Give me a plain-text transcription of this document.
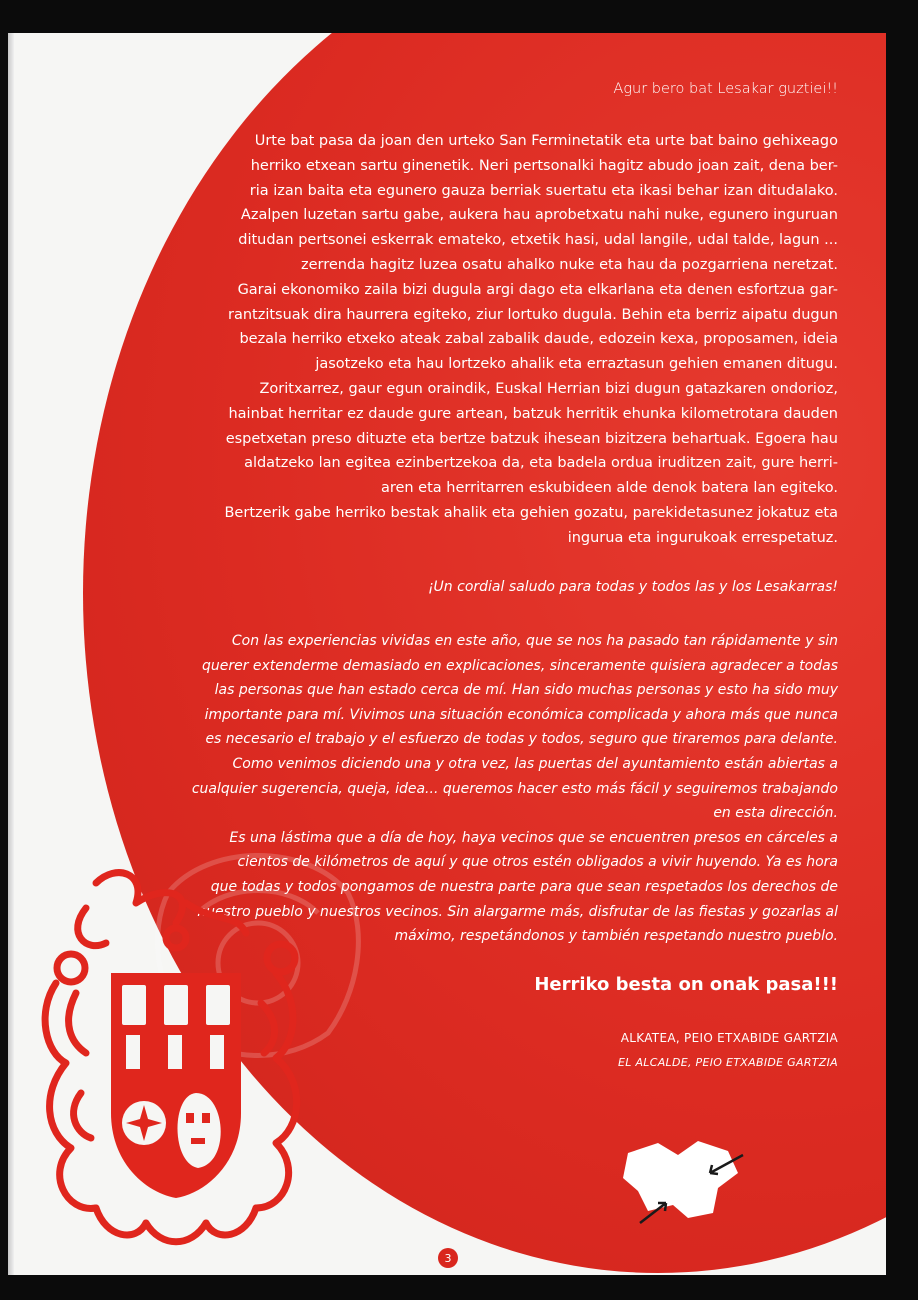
Agur bero bat Lesakar guztiei!!
Urte bat pasa da joan den urteko San Ferminetatik eta urte bat baino gehixeago
herriko etxean sartu ginenetik. Neri pertsonalki hagitz abudo joan zait, dena ber-
ria izan baita eta egunero gauza berriak suertatu eta ikasi behar izan ditudalako.
Azalpen luzetan sartu gabe, aukera hau aprobetxatu nahi nuke, egunero inguruan
ditudan pertsonei eskerrak emateko, etxetik hasi, udal langile, udal talde, lagun ...
zerrenda hagitz luzea osatu ahalko nuke eta hau da pozgarriena neretzat.
Garai ekonomiko zaila bizi dugula argi dago eta elkarlana eta denen esfortzua gar-
rantzitsuak dira haurrera egiteko, ziur lortuko dugula. Behin eta berriz aipatu dugun
bezala herriko etxeko ateak zabal zabalik daude, edozein kexa, proposamen, ideia
jasotzeko eta hau lortzeko ahalik eta erraztasun gehien emanen ditugu.
Zoritxarrez, gaur egun oraindik, Euskal Herrian bizi dugun gatazkaren ondorioz,
hainbat herritar ez daude gure artean, batzuk herritik ehunka kilometrotara dauden
espetxetan preso dituzte eta bertze batzuk ihesean bizitzera behartuak. Egoera hau
aldatzeko lan egitea ezinbertzekoa da, eta badela ordua iruditzen zait, gure herri-
aren eta herritarren eskubideen alde denok batera lan egiteko.
Bertzerik gabe herriko bestak ahalik eta gehien gozatu, parekidetasunez jokatuz eta
ingurua eta ingurukoak errespetatuz.
¡Un cordial saludo para todas y todos las y los Lesakarras!
Con las experiencias vividas en este año, que se nos ha pasado tan rápidamente y sin
querer extenderme demasiado en explicaciones, sinceramente quisiera agradecer a todas
las personas que han estado cerca de mí. Han sido muchas personas y esto ha sido muy
importante para mí. Vivimos una situación económica complicada y ahora más que nunca
es necesario el trabajo y el esfuerzo de todas y todos, seguro que tiraremos para delante.
Como venimos diciendo una y otra vez, las puertas del ayuntamiento están abiertas a
cualquier sugerencia, queja, idea... queremos hacer esto más fácil y seguiremos trabajando
en esta dirección.
Es una lástima que a día de hoy, haya vecinos que se encuentren presos en cárceles a
cientos de kilómetros de aquí y que otros estén obligados a vivir huyendo. Ya es hora
que todas y todos pongamos de nuestra parte para que sean respetados los derechos de
nuestro pueblo y nuestros vecinos. Sin alargarme más, disfrutar de las fiestas y gozarlas al
máximo, respetándonos y también respetando nuestro pueblo.
Herriko besta on onak pasa!!!
ALKATEA, PEIO ETXABIDE GARTZIA
EL ALCALDE, PEIO ETXABIDE GARTZIA
3
